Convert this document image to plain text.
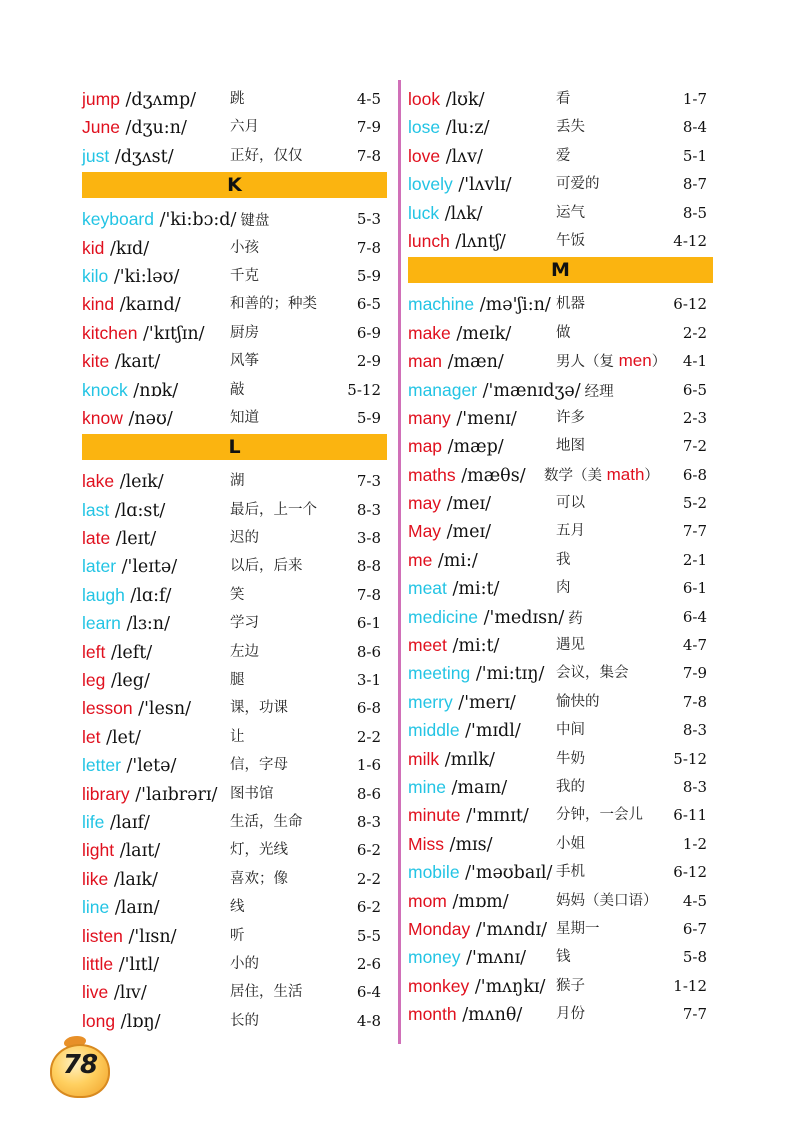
jump /dʒʌmp/ 跳	4-5
June /dʒu:n/	六月	7-9
just /dʒʌst/	正好，仅仅	7-8
K
keyboard /'ki:bɔ:d/ 键盘	5-3
kid /kɪd/	小孩	7-8
kilo /'ki:ləʊ/	千克	5-9
kind /kaɪnd/	和善的；种类	6-5
kitchen /'kɪtʃɪn/ 厨房	6-9
kite /kaɪt/	风筝	2-9
knock /nɒk/	敲	5-12
know /nəʊ/	知道	5-9
L
lake /leɪk/	湖	7-3
last /lɑ:st/	最后，上一个	8-3
late /leɪt/	迟的	3-8
later /'leɪtə/	以后，后来	8-8
laugh /lɑ:f/	笑	7-8
learn /lɜ:n/	学习	6-1
left /left/	左边	8-6
leg /leg/	腿	3-1
lesson /'lesn/	课，功课	6-8
let /let/	让	2-2
letter /'letə/	信，字母	1-6
library /'laɪbrərɪ/ 图书馆	8-6
life /laɪf/	生活，生命	8-3
light /laɪt/	灯，光线	6-2
like /laɪk/	喜欢；像	2-2
line /laɪn/	线	6-2
listen /'lɪsn/	听	5-5
little /'lɪtl/	小的	2-6
live /lɪv/	居住，生活	6-4
long /lɒŋ/	长的	4-8
look /lʊk/	看	1-7
lose /lu:z/	丢失	8-4
love /lʌv/	爱	5-1
lovely /'lʌvlɪ/	可爱的	8-7
luck /lʌk/	运气	8-5
lunch /lʌntʃ/	午饭	4-12
M
machine /mə'ʃi:n/ 机器	6-12
make /meɪk/	做	2-2
man /mæn/	男人（复 men） 4-1
manager /'mænɪdʒə/ 经理	6-5
many /'menɪ/	许多	2-3
map /mæp/	地图	7-2
maths /mæθs/ 数学（美 math） 6-8
may /meɪ/	可以	5-2
May /meɪ/	五月	7-7
me /mi:/	我	2-1
meat /mi:t/	肉	6-1
medicine /'medɪsn/ 药	6-4
meet /mi:t/	遇见	4-7
meeting /'mi:tɪŋ/ 会议，集会	7-9
merry /'merɪ/	愉快的	7-8
middle /'mɪdl/ 中间	8-3
milk /mɪlk/	牛奶	5-12
mine /maɪn/	我的	8-3
minute /'mɪnɪt/ 分钟，一会儿 6-11
Miss /mɪs/	小姐	1-2
mobile /'məʊbaɪl/ 手机	6-12
mom /mɒm/	妈妈（美口语） 4-5
Monday /'mʌndɪ/ 星期一	6-7
money /'mʌnɪ/ 钱	5-8
monkey /'mʌŋkɪ/ 猴子	1-12
month /mʌnθ/ 月份	7-7
78
